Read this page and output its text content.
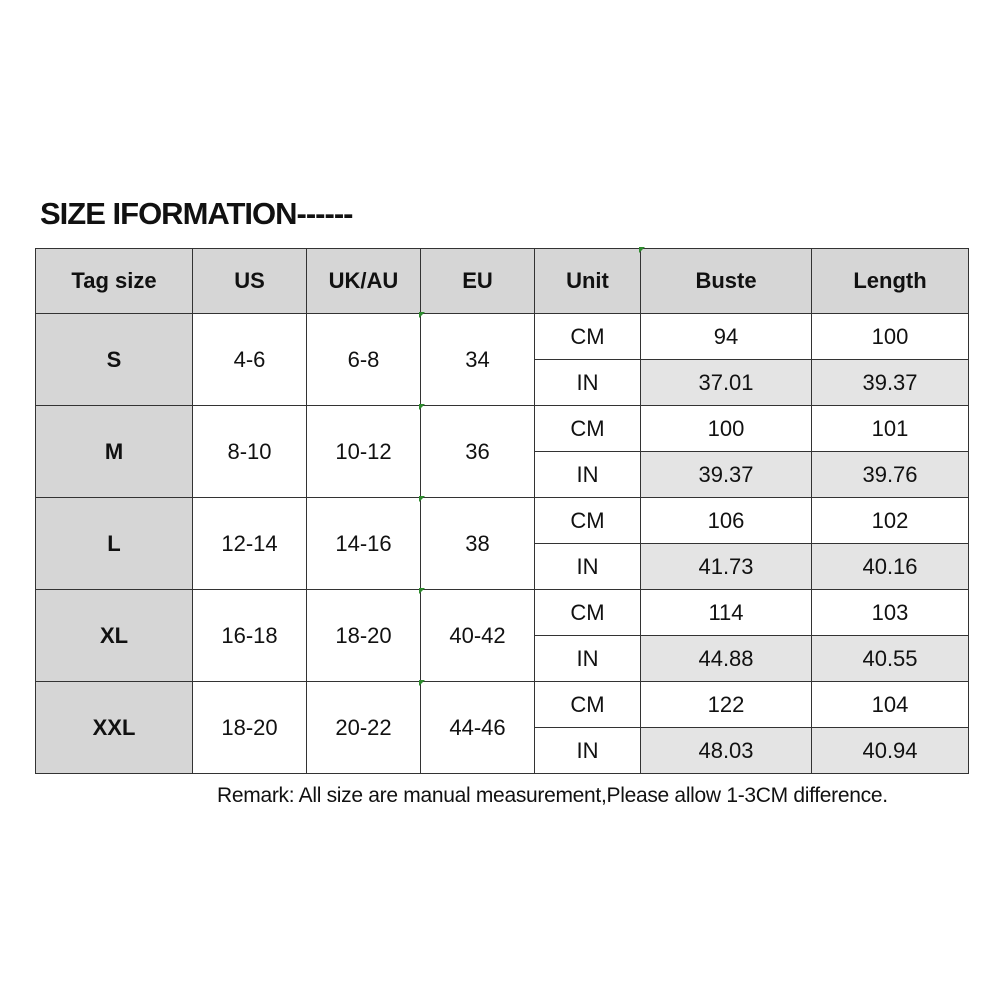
SIZE IFORMATION------
Tag size	US	UK/AU	EU	Unit	Buste	Length
S	4-6	6-8	34	CM	94	100
				IN	37.01	39.37
M	8-10	10-12	36	CM	100	101
				IN	39.37	39.76
L	12-14	14-16	38	CM	106	102
				IN	41.73	40.16
XL	16-18	18-20	40-42	CM	114	103
				IN	44.88	40.55
XXL	18-20	20-22	44-46	CM	122	104
				IN	48.03	40.94
Remark: All size are manual measurement,Please allow 1-3CM difference.
